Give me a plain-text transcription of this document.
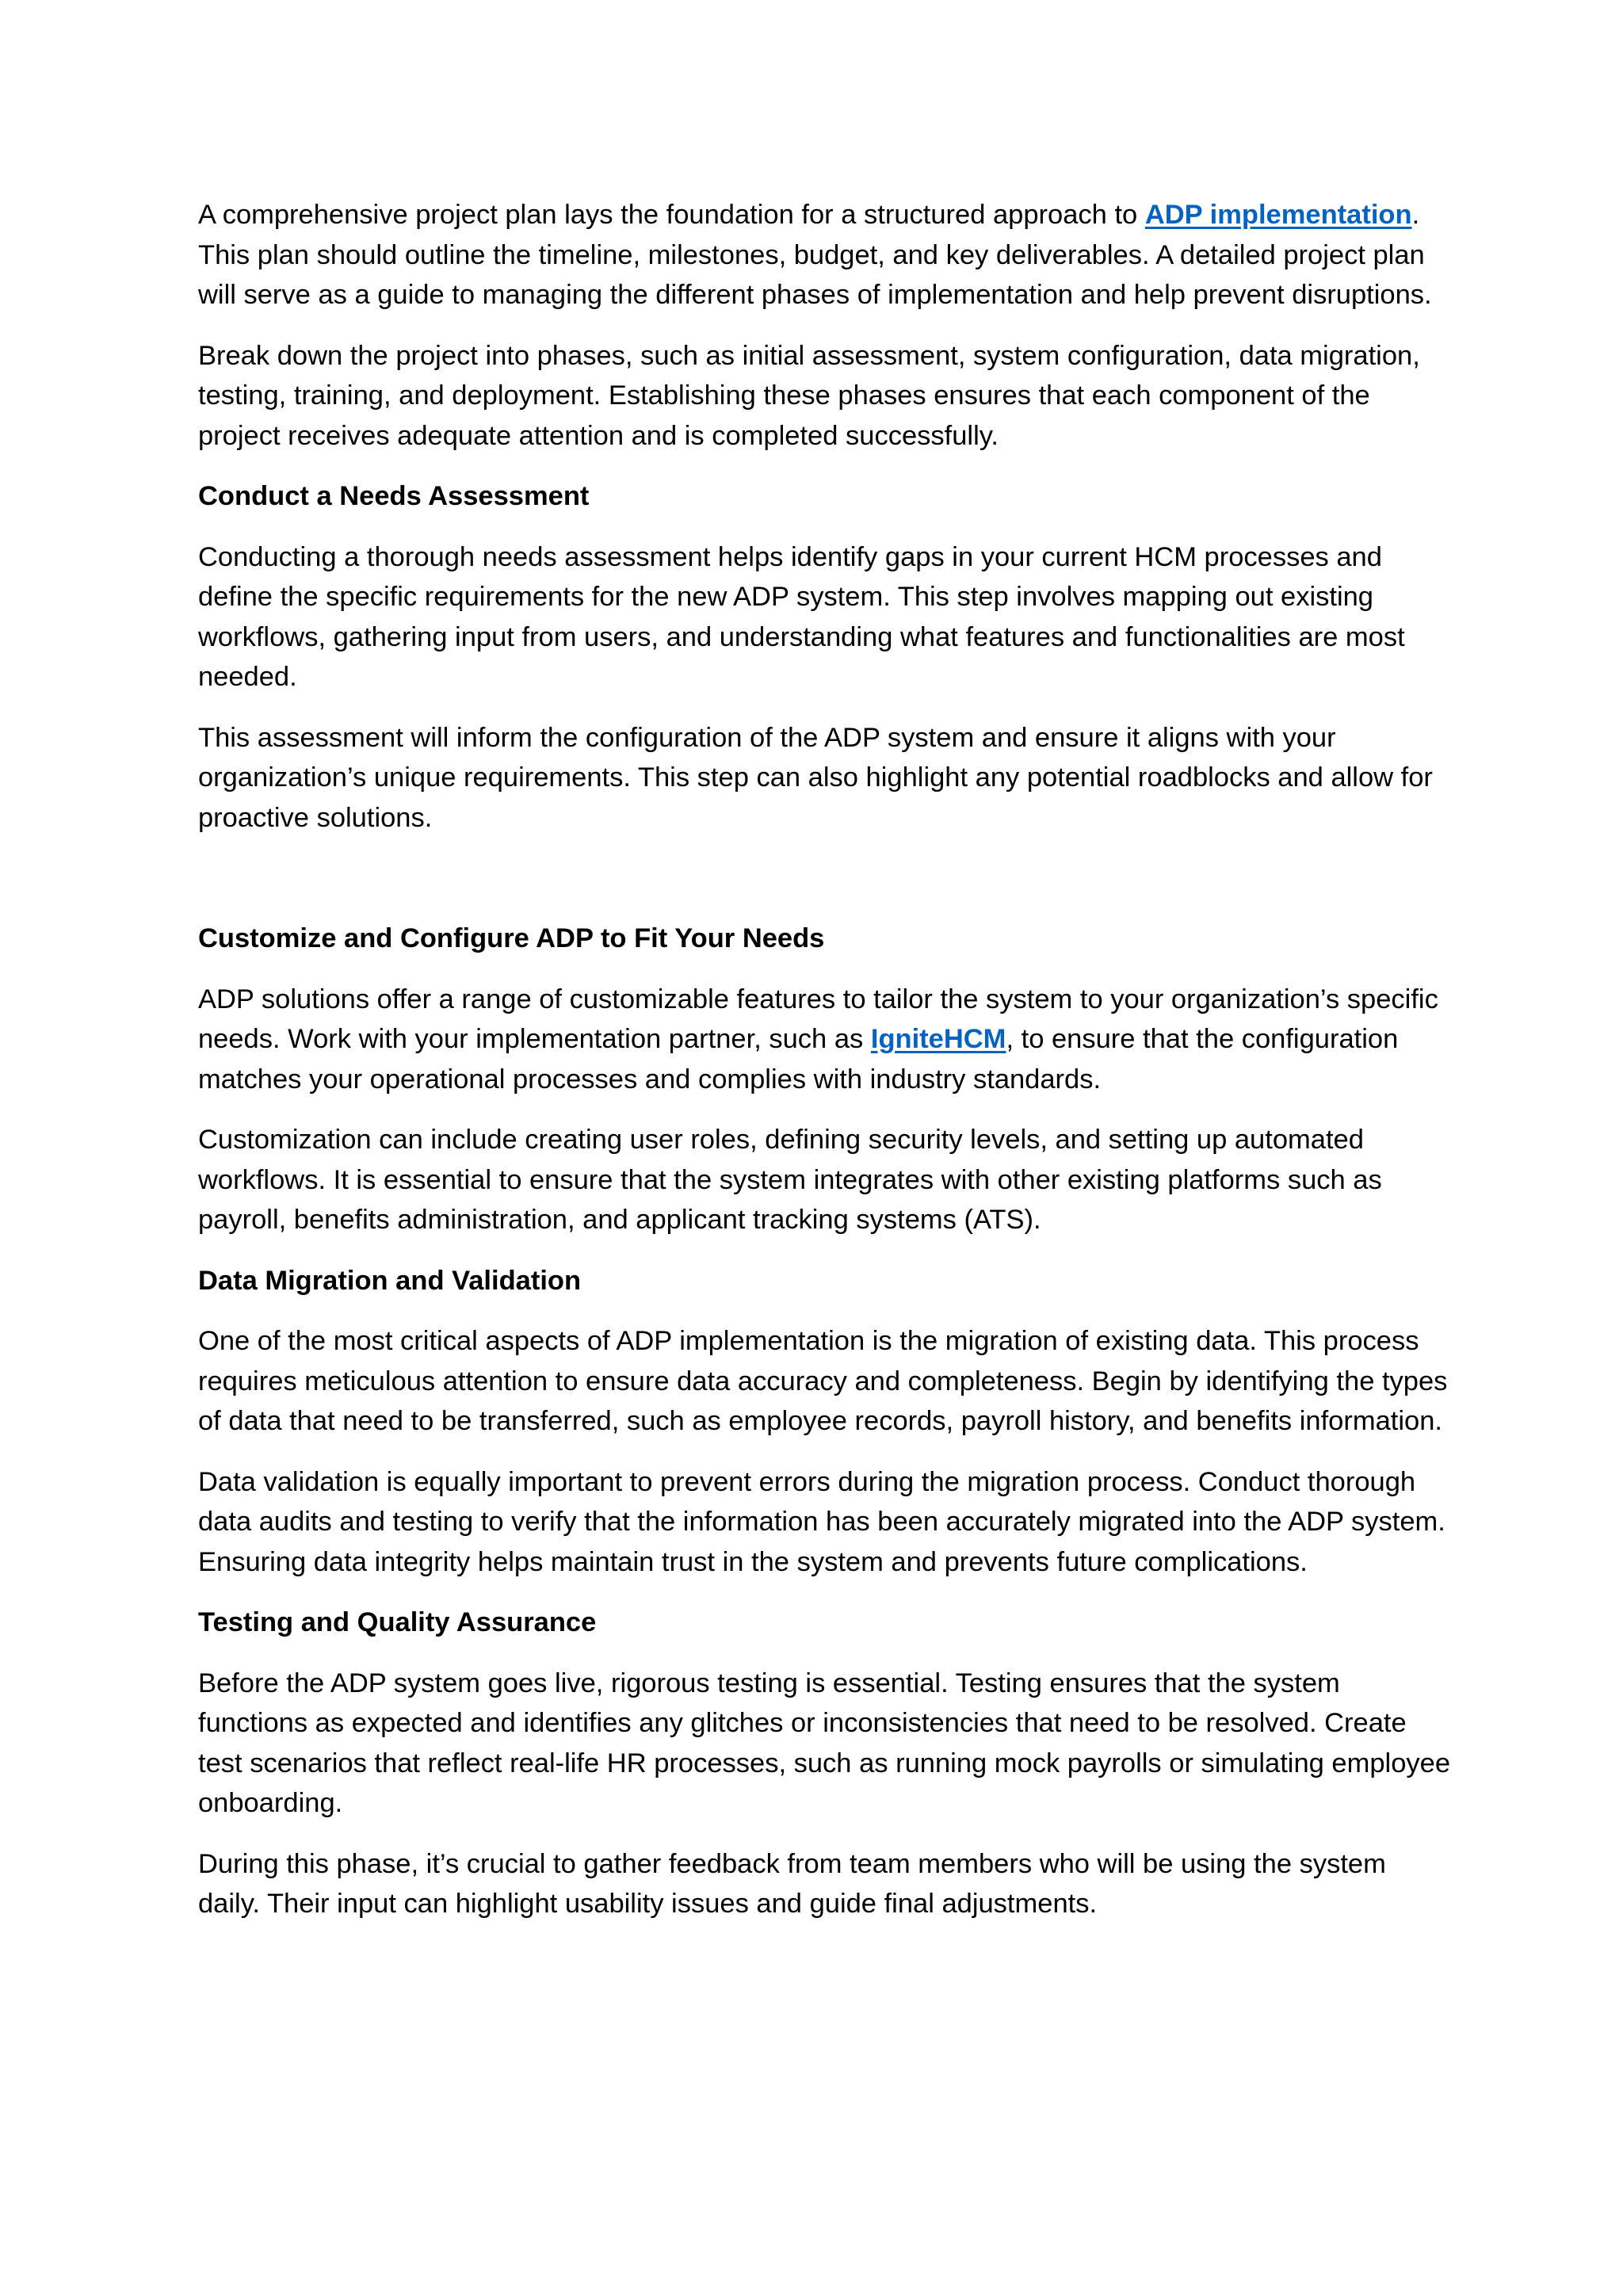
A comprehensive project plan lays the foundation for a structured approach to ADP implementation. This plan should outline the timeline, milestones, budget, and key deliverables. A detailed project plan will serve as a guide to managing the different phases of implementation and help prevent disruptions.

Break down the project into phases, such as initial assessment, system configuration, data migration, testing, training, and deployment. Establishing these phases ensures that each component of the project receives adequate attention and is completed successfully.

Conduct a Needs Assessment

Conducting a thorough needs assessment helps identify gaps in your current HCM processes and define the specific requirements for the new ADP system. This step involves mapping out existing workflows, gathering input from users, and understanding what features and functionalities are most needed.

This assessment will inform the configuration of the ADP system and ensure it aligns with your organization’s unique requirements. This step can also highlight any potential roadblocks and allow for proactive solutions.

Customize and Configure ADP to Fit Your Needs

ADP solutions offer a range of customizable features to tailor the system to your organization’s specific needs. Work with your implementation partner, such as IgniteHCM, to ensure that the configuration matches your operational processes and complies with industry standards.

Customization can include creating user roles, defining security levels, and setting up automated workflows. It is essential to ensure that the system integrates with other existing platforms such as payroll, benefits administration, and applicant tracking systems (ATS).

Data Migration and Validation

One of the most critical aspects of ADP implementation is the migration of existing data. This process requires meticulous attention to ensure data accuracy and completeness. Begin by identifying the types of data that need to be transferred, such as employee records, payroll history, and benefits information.

Data validation is equally important to prevent errors during the migration process. Conduct thorough data audits and testing to verify that the information has been accurately migrated into the ADP system. Ensuring data integrity helps maintain trust in the system and prevents future complications.

Testing and Quality Assurance

Before the ADP system goes live, rigorous testing is essential. Testing ensures that the system functions as expected and identifies any glitches or inconsistencies that need to be resolved. Create test scenarios that reflect real-life HR processes, such as running mock payrolls or simulating employee onboarding.

During this phase, it’s crucial to gather feedback from team members who will be using the system daily. Their input can highlight usability issues and guide final adjustments.
